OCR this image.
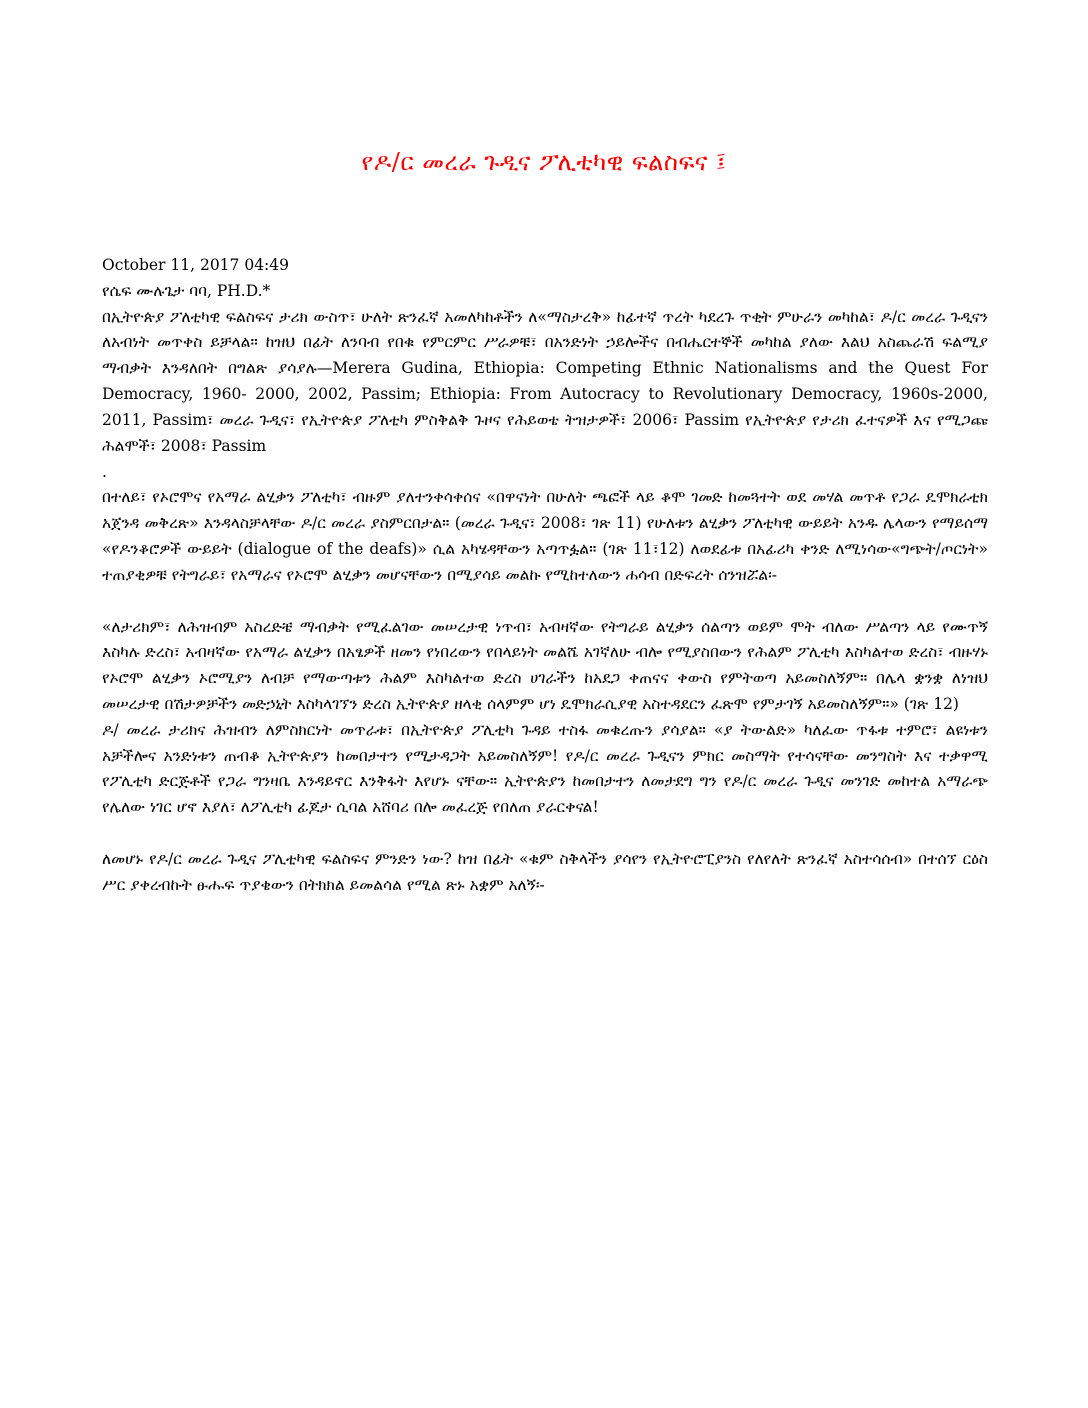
የዶ/ር መረራ ጉዲና ፖሊቲካዊ ፍልስፍና ፤

October 11, 2017 04:49

የሴፍ ሙሉጌታ ባባ, PH.D.*

በኢትዮጵያ ፖለቲካዊ ፍልስፍና ታሪክ ውስጥ፣ ሁለት ጽንፈኛ አመለካከቶችን ለ«ማስታረቅ» ከፊተኛ ጥረት ካደረጉ ጥቂት ምሁራን መካከል፣ ዶ/ር መረራ ጉዲናን ለአብነት መጥቀስ ይቻላል። ከዝህ በፊት ለንባብ የበቁ የምርምር ሥራዎቹ፣ በአንድነት ኃይሎችና በብሔርተኞች መካከል ያለው እልህ አስጨራሽ ፍልሚያ ማብቃት እንዳለበት በግልጽ ያሳያሉ—Merera Gudina, Ethiopia: Competing Ethnic Nationalisms and the Quest For Democracy, 1960- 2000, 2002, Passim; Ethiopia: From Autocracy to Revolutionary Democracy, 1960s-2000, 2011, Passim፣ መረራ ጉዲና፣ የኢትዮጵያ ፖለቲካ ምስቅልቅ ጉዞና የሕይወቴ ትዝታዎች፣ 2006፣ Passim የኢትዮጵያ የታሪክ ፈተናዎች እና የሚጋጩ ሕልሞች፣ 2008፣ Passim

.

በተለይ፣ የኦሮሞና የአማራ ልሂቃን ፖለቲካ፣ ብዙም ያለተንቀሳቀሰና «በዋናነት በሁለት ጫፎች ላይ ቆሞ ገመድ ከመጓተት ወደ መሃል መጥቶ የጋራ ዴሞክራቲክ አጀንዳ መቅረጽ» እንዳላስቻላቸው ዶ/ር መረራ ያስምርበታል። (መረራ ጉዲና፣ 2008፣ ገጽ 11) የሁለቱን ልሂቃን ፖለቲካዊ ውይይት አንዱ ሌላውን የማይሰማ «የዶንቆሮዎች ውይይት (dialogue of the deafs)» ሲል አካሄዳቸውን አጣጥፏል። (ገጽ 11፣12) ለወደፊቱ በአፊሪካ ቀንድ ለሚነሳው«ግጭት/ጦርነት» ተጠያቂዎቹ የትግራይ፣ የአማራና የኦሮሞ ልሂቃን መሆናቸውን በሚያሳይ መልኩ የሚከተለውን ሐሳብ በድፍረት ሰንዝሯል፡-

«ለታሪክም፣ ለሕዝብም አስረድቼ ማብቃት የሚፈልገው መሠረታዊ ነጥብ፣ አብዛኛው የትግራይ ልሂቃን ሰልጣን ወይም ሞት ብለው ሥልጣን ላይ የሙጥኝ እስካሉ ድረስ፣ አብዛኛው የአማራ ልሂቃን በአፄዎች ዘመን የነበረውን የበላይነት መልሼ አገኛለሁ ብሎ የሚያስበውን የሕልም ፖሊቲካ እስካልተወ ድረስ፣ ብዙሃኑ የኦሮሞ ልሂቃን ኦሮሚያን ለብቻ የማውጣቱን ሕልም እስካልተወ ድረስ ሀገራችን ከአደጋ ቀጠናና ቀውስ የምትወጣ አይመስለኝም። በሌላ ቋንቋ ለነዝህ መሠረታዊ በሽታዎቻችን መድኃኒት እስካላገኘን ድረስ ኢትዮጵያ ዘላቂ ሰላምም ሆነ ዴሞክራሲያዊ አስተዳደርን ፈጽሞ የምታገኝ አይመስለኝም።» (ገጽ 12)

ዶ/ መረራ ታሪክና ሕዝብን ለምስክርነት መጥራቱ፣ በኢትዮጵያ ፖሊቲካ ጉዳይ ተስፋ መቁረጡን ያሳያል። «ያ ትውልድ» ካለፈው ጥፋቱ ተምሮ፣ ልዩነቱን አቻችሎና አንድነቱን ጠብቆ ኢትዮጵያን ከመበታተን የሚታዳጋት አይመስለኝም! የዶ/ር መረራ ጉዲናን ምክር መስማት የተሳናቸው መንግስት እና ተቃዋሚ የፖሊቲካ ድርጅቶች የጋራ ግንዛቤ እንዳይኖር እንቅፋት እየሆኑ ናቸው። ኢትዮጵያን ከመበታተን ለመታደግ ግን የዶ/ር መረራ ጉዲና መንገድ መከተል አማራጭ የሌለው ነገር ሆኖ እያለ፣ ለፖሊቲካ ፊጆታ ሲባል አሸባሪ በሎ መፈረጅ የበለጠ ያራርቀናል!

ለመሆኑ የዶ/ር መረራ ጉዲና ፖሊቲካዊ ፍልስፍና ምንድን ነው? ከዝ በፊት «ቁም ስቅላችን ያሳየን የኢትዮሮፒያንስ የለየለት ጽንፈኛ አስተሳሰብ» በተሰኘ ርዕስ ሥር ያቀረብኩት ፁሑፍ ጥያቄውን በትክክል ይመልሳል የሚል ጽኑ አቋም አለኝ፡-
